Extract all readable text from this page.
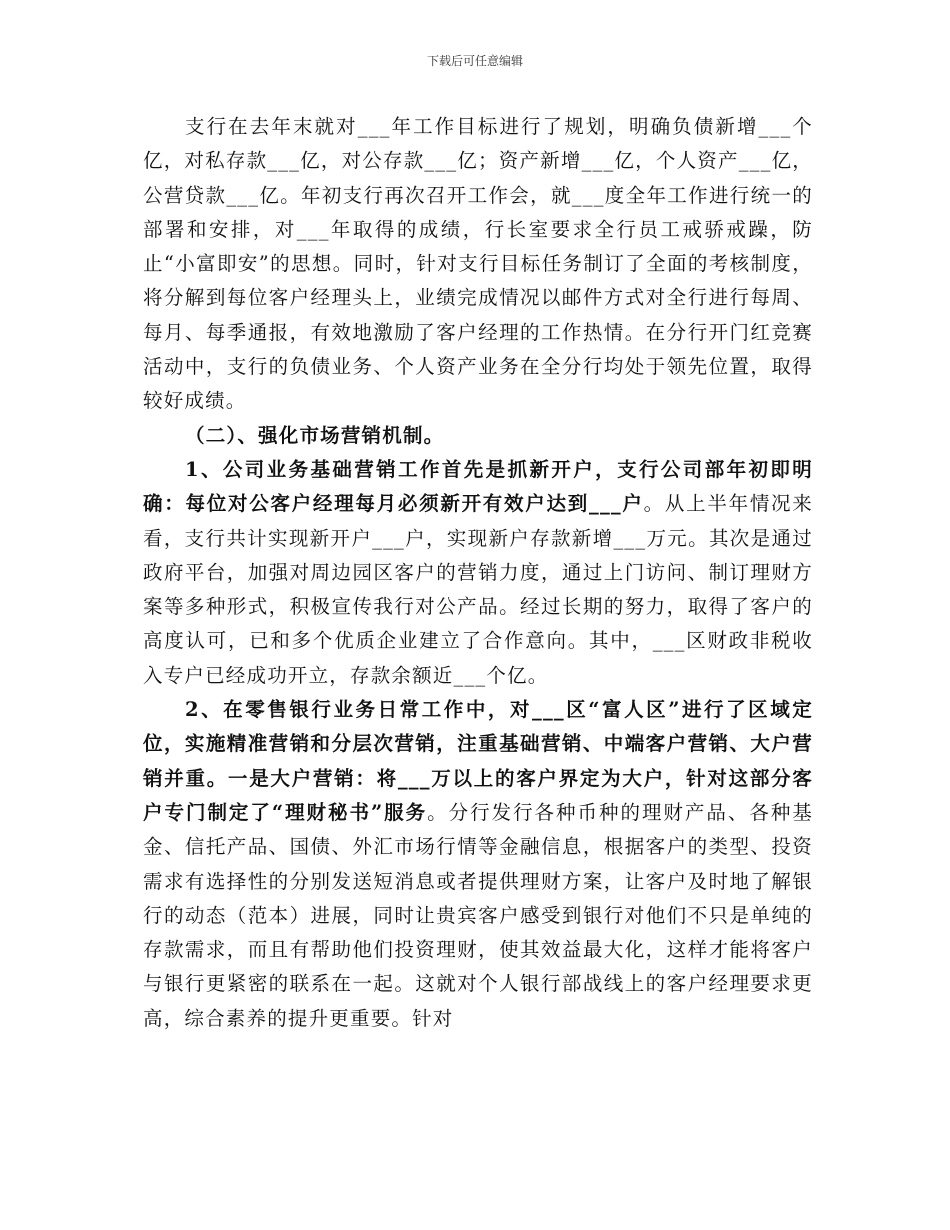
下载后可任意编辑

支行在去年末就对___年工作目标进行了规划，明确负债新增___个亿，对私存款___亿，对公存款___亿；资产新增___亿，个人资产___亿，公营贷款___亿。年初支行再次召开工作会，就___度全年工作进行统一的部署和安排，对___年取得的成绩，行长室要求全行员工戒骄戒躁，防止“小富即安”的思想。同时，针对支行目标任务制订了全面的考核制度，将分解到每位客户经理头上，业绩完成情况以邮件方式对全行进行每周、每月、每季通报，有效地激励了客户经理的工作热情。在分行开门红竞赛活动中，支行的负债业务、个人资产业务在全分行均处于领先位置，取得较好成绩。

（二）、强化市场营销机制。

1、公司业务基础营销工作首先是抓新开户，支行公司部年初即明确：每位对公客户经理每月必须新开有效户达到___户。从上半年情况来看，支行共计实现新开户___户，实现新户存款新增___万元。其次是通过政府平台，加强对周边园区客户的营销力度，通过上门访问、制订理财方案等多种形式，积极宣传我行对公产品。经过长期的努力，取得了客户的高度认可，已和多个优质企业建立了合作意向。其中，___区财政非税收入专户已经成功开立，存款余额近___个亿。

2、在零售银行业务日常工作中，对___区“富人区”进行了区域定位，实施精准营销和分层次营销，注重基础营销、中端客户营销、大户营销并重。一是大户营销：将___万以上的客户界定为大户，针对这部分客户专门制定了“理财秘书”服务。分行发行各种币种的理财产品、各种基金、信托产品、国债、外汇市场行情等金融信息，根据客户的类型、投资需求有选择性的分别发送短消息或者提供理财方案，让客户及时地了解银行的动态（范本）进展，同时让贵宾客户感受到银行对他们不只是单纯的存款需求，而且有帮助他们投资理财，使其效益最大化，这样才能将客户与银行更紧密的联系在一起。这就对个人银行部战线上的客户经理要求更高，综合素养的提升更重要。针对
